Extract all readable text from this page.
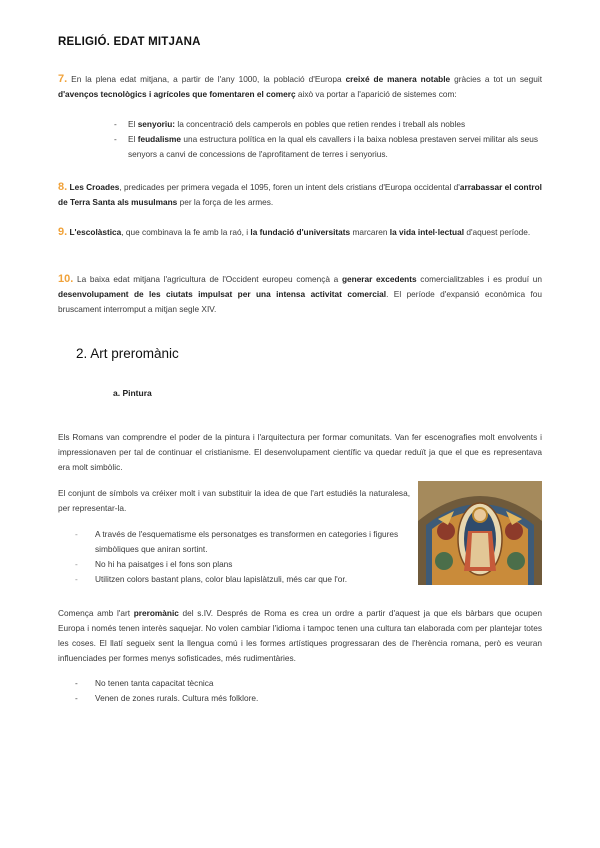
RELIGIÓ. EDAT MITJANA
7. En la plena edat mitjana, a partir de l'any 1000, la població d'Europa creixé de manera notable gràcies a tot un seguit d'avenços tecnològics i agrícoles que fomentaren el comerç això va portar a l'aparició de sistemes com:
- El senyoriu: la concentració dels camperols en pobles que retien rendes i treball als nobles
- El feudalisme una estructura política en la qual els cavallers i la baixa noblesa prestaven servei militar als seus senyors a canvi de concessions de l'aprofitament de terres i senyorius.
8. Les Croades, predicades per primera vegada el 1095, foren un intent dels cristians d'Europa occidental d'arrabassar el control de Terra Santa als musulmans per la força de les armes.
9. L'escolàstica, que combinava la fe amb la raó, i la fundació d'universitats marcaren la vida intel·lectual d'aquest període.
10. La baixa edat mitjana l'agricultura de l'Occident europeu començà a generar excedents comercialitzables i es produí un desenvolupament de les ciutats impulsat per una intensa activitat comercial. El període d'expansió econòmica fou bruscament interromput a mitjan segle XIV.
2. Art preromànic
a. Pintura
Els Romans van comprendre el poder de la pintura i l'arquitectura per formar comunitats. Van fer escenografies molt envolvents i impressionaven per tal de continuar el cristianisme. El desenvolupament científic va quedar reduït ja que el que es representava era molt simbòlic.
El conjunt de símbols va créixer molt i van substituir la idea de que l'art estudiés la naturalesa, per representar-la.
- A través de l'esquematisme els personatges es transformen en categories i figures simbòliques que aniran sortint.
- No hi ha paisatges i el fons son plans
- Utilitzen colors bastant plans, color blau lapislàtzuli, més car que l'or.
Comença amb l'art preromànic del s.IV. Després de Roma es crea un ordre a partir d'aquest ja que els bàrbars que ocupen Europa i només tenen interès saquejar. No volen cambiar l'idioma i tampoc tenen una cultura tan elaborada com per plantejar totes les coses. El llatí segueix sent la llengua comú i les formes artístiques progressaran des de l'herència romana, però es veuran influenciades per formes menys sofisticades, més rudimentàries.
- No tenen tanta capacitat tècnica
- Venen de zones rurals. Cultura més folklore.
